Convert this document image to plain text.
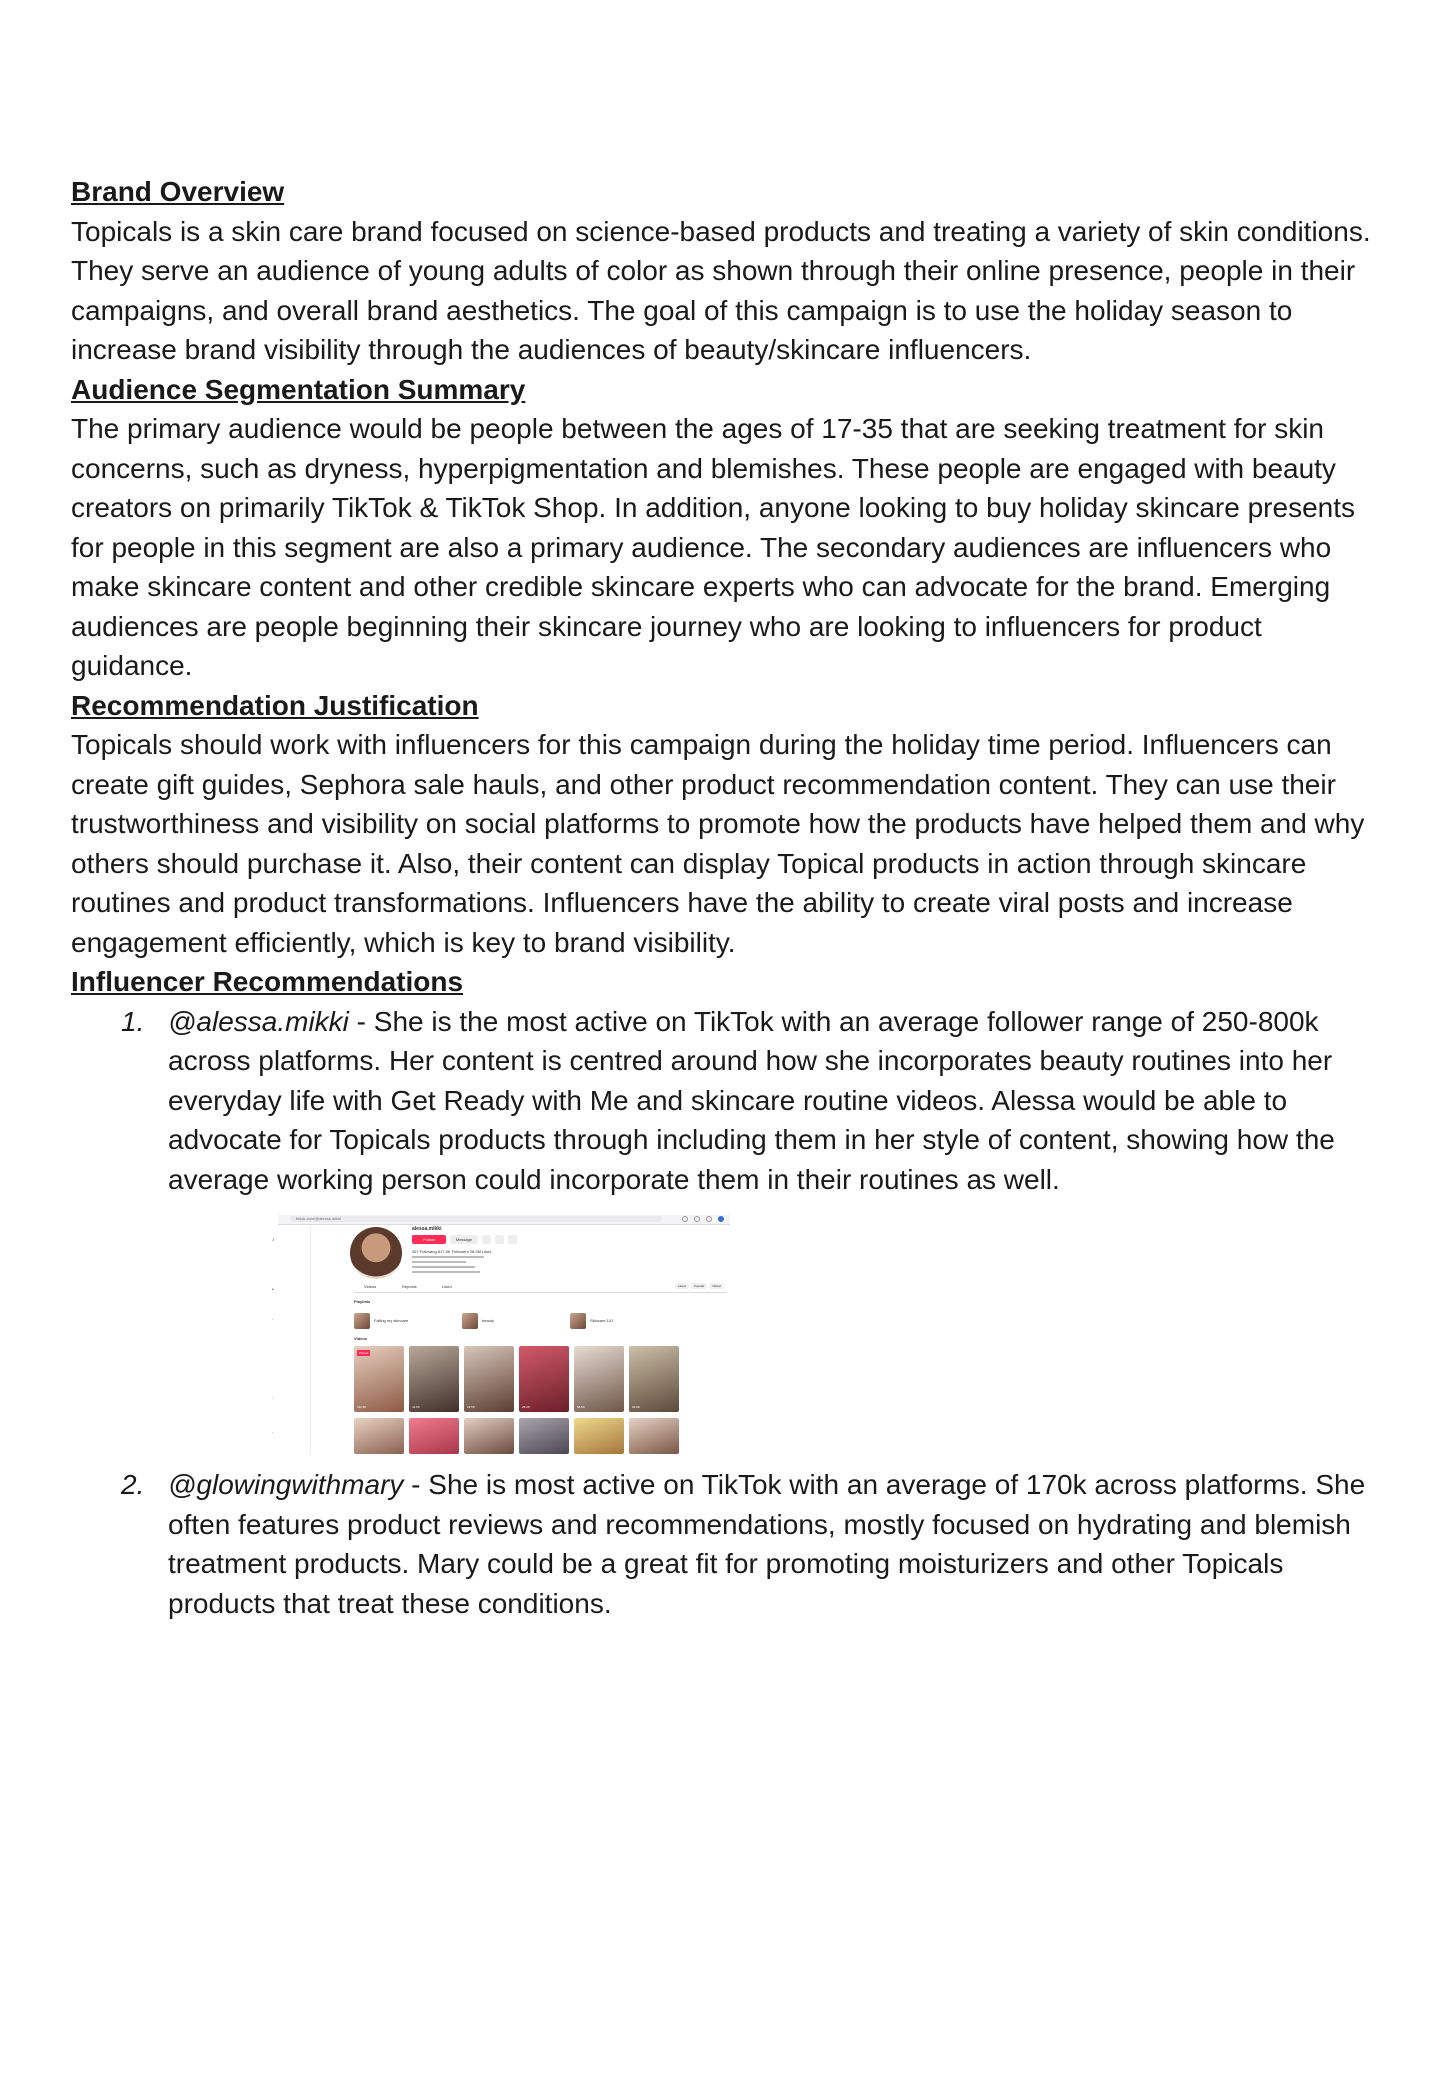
Brand Overview

Topicals is a skin care brand focused on science-based products and treating a variety of skin conditions. They serve an audience of young adults of color as shown through their online presence, people in their campaigns, and overall brand aesthetics. The goal of this campaign is to use the holiday season to increase brand visibility through the audiences of beauty/skincare influencers.

Audience Segmentation Summary

The primary audience would be people between the ages of 17-35 that are seeking treatment for skin concerns, such as dryness, hyperpigmentation and blemishes. These people are engaged with beauty creators on primarily TikTok & TikTok Shop. In addition, anyone looking to buy holiday skincare presents for people in this segment are also a primary audience. The secondary audiences are influencers who make skincare content and other credible skincare experts who can advocate for the brand. Emerging audiences are people beginning their skincare journey who are looking to influencers for product guidance.

Recommendation Justification

Topicals should work with influencers for this campaign during the holiday time period. Influencers can create gift guides, Sephora sale hauls, and other product recommendation content. They can use their trustworthiness and visibility on social platforms to promote how the products have helped them and why others should purchase it. Also, their content can display Topical products in action through skincare routines and product transformations. Influencers have the ability to create viral posts and increase engagement efficiently, which is key to brand visibility.

Influencer Recommendations
1. @alessa.mikki - She is the most active on TikTok with an average follower range of 250-800k across platforms. Her content is centred around how she incorporates beauty routines into her everyday life with Get Ready with Me and skincare routine videos. Alessa would be able to advocate for Topicals products through including them in her style of content, showing how the average working person could incorporate them in their routines as well.
tiktok.com/@alessa.mikki
♪
•
·
·
·
alessa.mikki
Follow	Message
367 Following 817.6K Followers 28.3M Likes
Videos	Reposts	Liked	Latest	Popular	Oldest
Playlists
Falling my skincare	beauty	Skincare 101
Videos
Pinned
211.5K	44.6K	19.5K	28.2K	68.6K	32.8K
2. @glowingwithmary - She is most active on TikTok with an average of 170k across platforms. She often features product reviews and recommendations, mostly focused on hydrating and blemish treatment products. Mary could be a great fit for promoting moisturizers and other Topicals products that treat these conditions.
